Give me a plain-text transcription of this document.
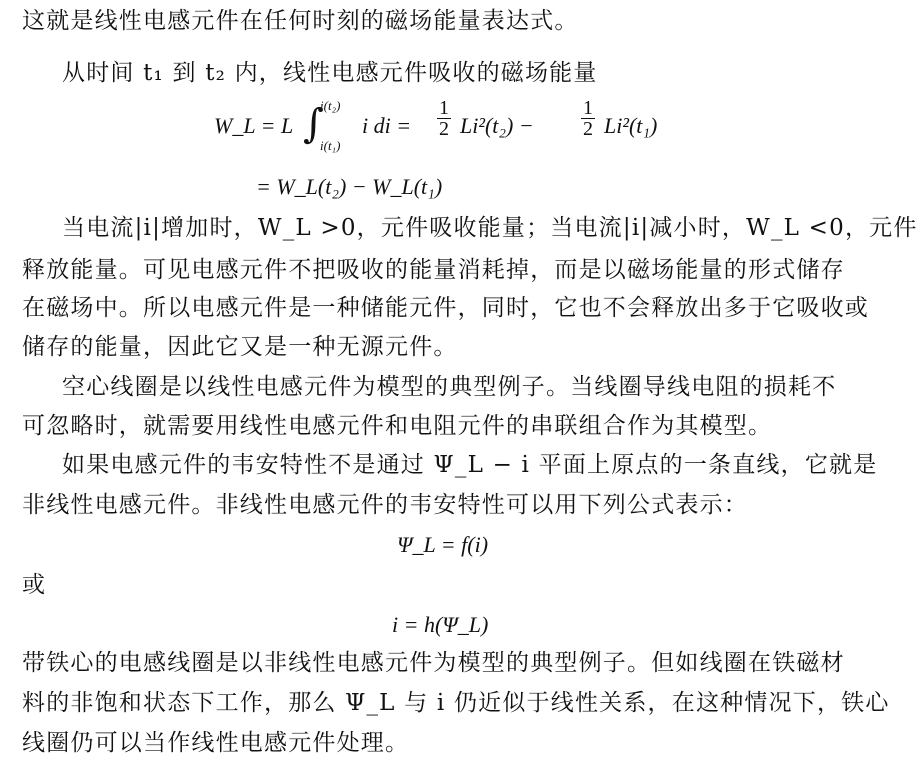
这就是线性电感元件在任何时刻的磁场能量表达式。
从时间 t₁ 到 t₂ 内，线性电感元件吸收的磁场能量
W_L = L ∫
i(t₂)
i(t₁)
i di = $\frac{1}{2} Li^2(t_2) - \frac{1}{2} Li^2(t_1)$
= W_L(t₂) − W_L(t₁)
当电流|i|增加时，W_L >0，元件吸收能量；当电流|i|减小时，W_L <0，元件
释放能量。可见电感元件不把吸收的能量消耗掉，而是以磁场能量的形式储存
在磁场中。所以电感元件是一种储能元件，同时，它也不会释放出多于它吸收或
储存的能量，因此它又是一种无源元件。
空心线圈是以线性电感元件为模型的典型例子。当线圈导线电阻的损耗不
可忽略时，就需要用线性电感元件和电阻元件的串联组合作为其模型。
如果电感元件的韦安特性不是通过 Ψ_L − i 平面上原点的一条直线，它就是
非线性电感元件。非线性电感元件的韦安特性可以用下列公式表示：
Ψ_L = f(i)
或
i = h(Ψ_L)
带铁心的电感线圈是以非线性电感元件为模型的典型例子。但如线圈在铁磁材
料的非饱和状态下工作，那么 Ψ_L 与 i 仍近似于线性关系，在这种情况下，铁心
线圈仍可以当作线性电感元件处理。
